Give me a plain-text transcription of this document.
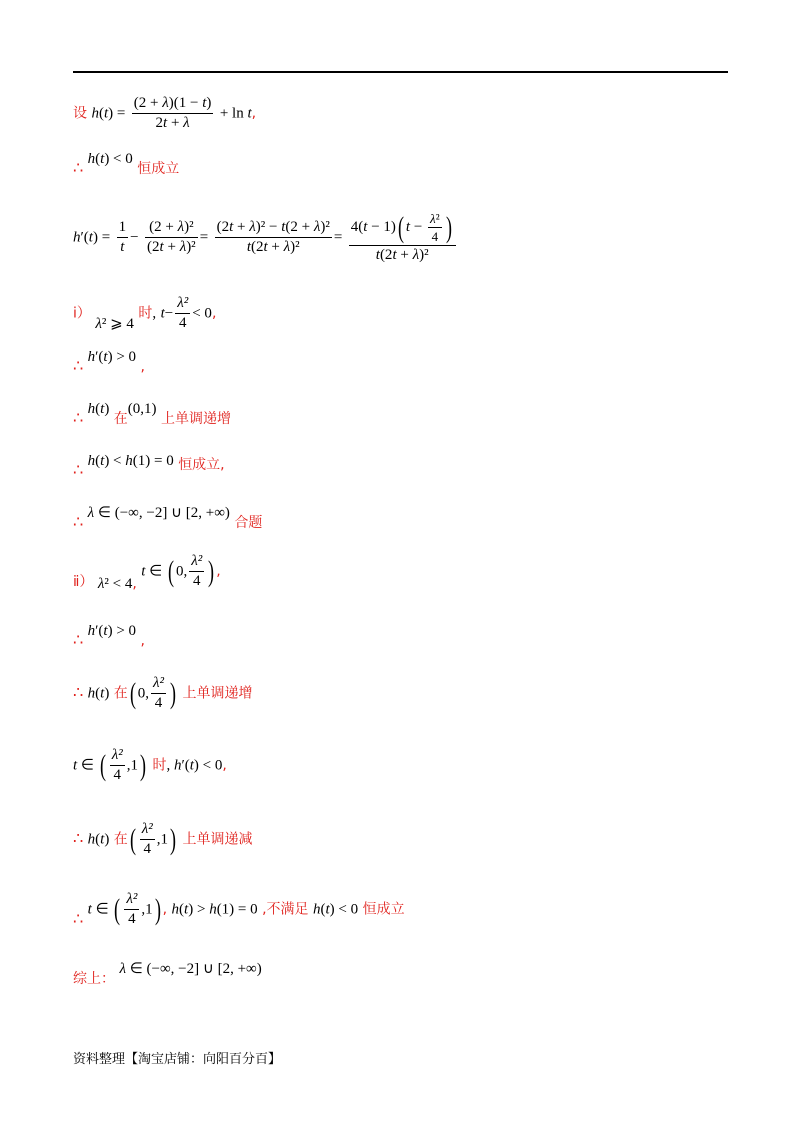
设 $h(t) = \frac{(2 + \lambda)(1 - t)}{2t + \lambda} + \ln t$,
∴ h(t) < 0 恒成立
$h'(t) = \frac{1}{t} - \frac{\text{(2 + λ)²}}{\text{(2t + λ)²}} = \frac{\text{(2t + λ)² − t(2 + λ)²}}{\text{t(2t + λ)²}} = \frac{4(t - 1)( t - \frac{\text{λ²}}{4} )}{\text{t(2t + λ)²}}$
ⅰ） λ² ⩾ 4 时, $t- \frac{\text{λ²}}{4} < 0$,
∴ h′(t) > 0 ,
∴ h(t) 在(0,1) 上单调递增
∴ h(t) < h(1) = 0 恒成立,
∴ λ ∈ (−∞, −2] ∪ [2, +∞) 合题
ⅱ） λ² < 4, t ∈ ( 0, $\frac{\text{λ²}}{4}$ ) ,
∴ h′(t) > 0 ,
∴ h(t) 在( 0, $\frac{\text{λ²}}{4}$ ) 上单调递增
t ∈ ( $\frac{\text{λ²}}{4} ,1$) 时, h′(t) < 0,
∴ h(t) 在( $\frac{\text{λ²}}{4} ,1$) 上单调递减
∴ t ∈ ( $\frac{\text{λ²}}{4} ,1$) , h(t) > h(1) = 0 ,不满足 h(t) < 0 恒成立
综上： λ ∈ (−∞, −2] ∪ [2, +∞)
资料整理【淘宝店铺：向阳百分百】
